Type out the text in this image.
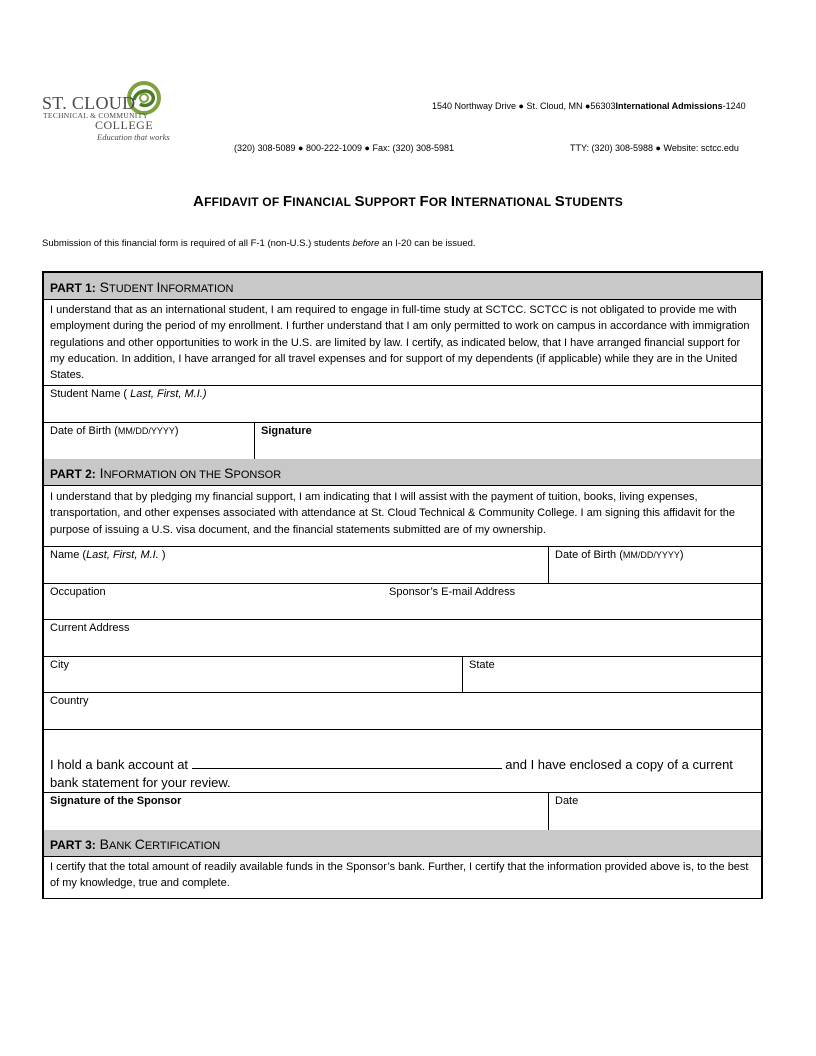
ST. CLOUD
TECHNICAL & COMMUNITY
COLLEGE
Education that works
1540 Northway Drive ● St. Cloud, MN ●56303International Admissions-1240
(320) 308-5089 ● 800-222-1009 ● Fax: (320) 308-5981	TTY: (320) 308-5988 ● Website: sctcc.edu
AFFIDAVIT OF FINANCIAL SUPPORT FOR INTERNATIONAL STUDENTS
Submission of this financial form is required of all F-1 (non-U.S.) students before an I-20 can be issued.
PART 1: STUDENT INFORMATION
I understand that as an international student, I am required to engage in full-time study at SCTCC. SCTCC is not obligated to provide me with employment during the period of my enrollment. I further understand that I am only permitted to work on campus in accordance with immigration regulations and other opportunities to work in the U.S. are limited by law. I certify, as indicated below, that I have arranged financial support for my education. In addition, I have arranged for all travel expenses and for support of my dependents (if applicable) while they are in the United States.
Student Name ( Last, First, M.I.)
Date of Birth (MM/DD/YYYY)	Signature
PART 2: INFORMATION ON THE SPONSOR
I understand that by pledging my financial support, I am indicating that I will assist with the payment of tuition, books, living expenses, transportation, and other expenses associated with attendance at St. Cloud Technical & Community College. I am signing this affidavit for the purpose of issuing a U.S. visa document, and the financial statements submitted are of my ownership.
Name (Last, First, M.I. )	Date of Birth (MM/DD/YYYY)
Occupation	Sponsor’s E-mail Address
Current Address
City	State
Country
I hold a bank account at	and I have enclosed a copy of a current bank statement for your review.
Signature of the Sponsor	Date
PART 3: BANK CERTIFICATION
I certify that the total amount of readily available funds in the Sponsor’s bank. Further, I certify that the information provided above is, to the best of my knowledge, true and complete.
